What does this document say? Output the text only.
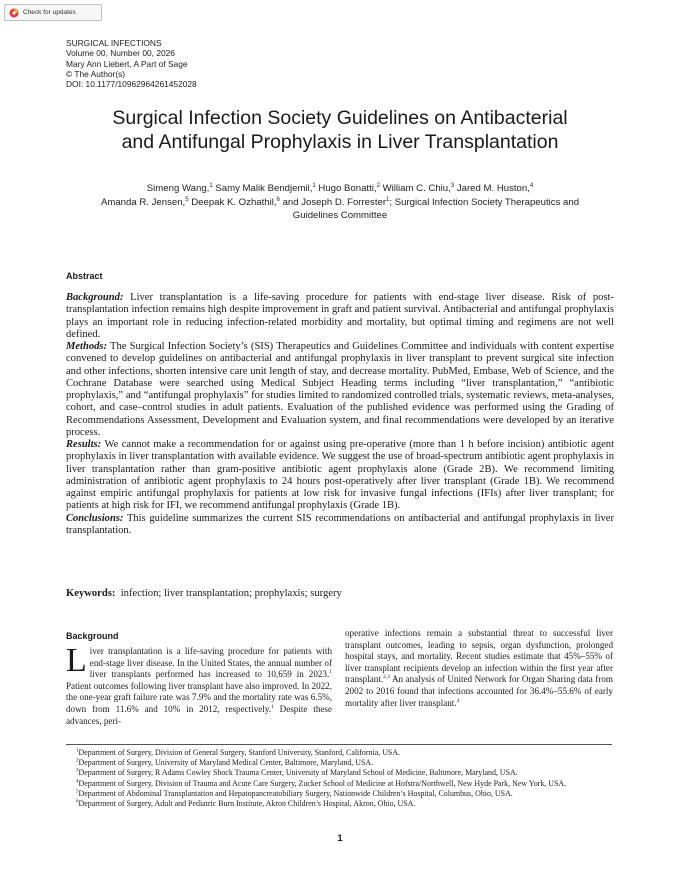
Check for updates
SURGICAL INFECTIONS
Volume 00, Number 00, 2026
Mary Ann Liebert, A Part of Sage
© The Author(s)
DOI: 10.1177/10962964261452028
Surgical Infection Society Guidelines on Antibacterial
and Antifungal Prophylaxis in Liver Transplantation
Simeng Wang,$^1$ Samy Malik Bendjemil,$^1$ Hugo Bonatti,$^2$ William C. Chiu,$^3$ Jared M. Huston,$^4$
Amanda R. Jensen,$^5$ Deepak K. Ozhathil,$^6$ and Joseph D. Forrester$^1$; Surgical Infection Society Therapeutics and Guidelines Committee
Abstract

Background: Liver transplantation is a life-saving procedure for patients with end-stage liver disease. Risk of post-transplantation infection remains high despite improvement in graft and patient survival. Antibacterial and antifungal prophylaxis plays an important role in reducing infection-related morbidity and mortality, but optimal timing and regimens are not well defined.

Methods: The Surgical Infection Society’s (SIS) Therapeutics and Guidelines Committee and individuals with content expertise convened to develop guidelines on antibacterial and antifungal prophylaxis in liver transplant to prevent surgical site infection and other infections, shorten intensive care unit length of stay, and decrease mortality. PubMed, Embase, Web of Science, and the Cochrane Database were searched using Medical Subject Heading terms including “liver transplantation,” “antibiotic prophylaxis,” and “antifungal prophylaxis” for studies limited to randomized controlled trials, systematic reviews, meta-analyses, cohort, and case–control studies in adult patients. Evaluation of the published evidence was performed using the Grading of Recommendations Assessment, Development and Evaluation system, and final recommendations were developed by an iterative process.

Results: We cannot make a recommendation for or against using pre-operative (more than 1 h before incision) antibiotic agent prophylaxis in liver transplantation with available evidence. We suggest the use of broad-spectrum antibiotic agent prophylaxis in liver transplantation rather than gram-positive antibiotic agent prophylaxis alone (Grade 2B). We recommend limiting administration of antibiotic agent prophylaxis to 24 hours post-operatively after liver transplant (Grade 1B). We recommend against empiric antifungal prophylaxis for patients at low risk for invasive fungal infections (IFIs) after liver transplant; for patients at high risk for IFI, we recommend antifungal prophylaxis (Grade 1B).

Conclusions: This guideline summarizes the current SIS recommendations on antibacterial and antifungal prophylaxis in liver transplantation.

Keywords: infection; liver transplantation; prophylaxis; surgery
Background
Liver transplantation is a life-saving procedure for patients with end-stage liver disease. In the United States, the annual number of liver transplants performed has increased to 10,659 in 2023.$^1$ Patient outcomes following liver transplant have also improved. In 2022, the one-year graft failure rate was 7.9% and the mortality rate was 6.5%, down from 11.6% and 10% in 2012, respectively.$^1$ Despite these advances, peri-
operative infections remain a substantial threat to successful liver transplant outcomes, leading to sepsis, organ dysfunction, prolonged hospital stays, and mortality. Recent studies estimate that 45%–55% of liver transplant recipients develop an infection within the first year after transplant.$^{2,3}$ An analysis of United Network for Organ Sharing data from 2002 to 2016 found that infections accounted for 36.4%–55.6% of early mortality after liver transplant.$^4$
$^1$Department of Surgery, Division of General Surgery, Stanford University, Stanford, California, USA.
$^2$Department of Surgery, University of Maryland Medical Center, Baltimore, Maryland, USA.
$^3$Department of Surgery, R Adams Cowley Shock Trauma Center, University of Maryland School of Medicine, Baltimore, Maryland, USA.
$^4$Department of Surgery, Division of Trauma and Acute Care Surgery, Zucker School of Medicine at Hofstra/Northwell, New Hyde Park, New York, USA.
$^5$Department of Abdominal Transplantation and Hepatopancreatobiliary Surgery, Nationwide Children’s Hospital, Columbus, Ohio, USA.
$^6$Department of Surgery, Adult and Pediatric Burn Institute, Akron Children’s Hospital, Akron, Ohio, USA.
1
